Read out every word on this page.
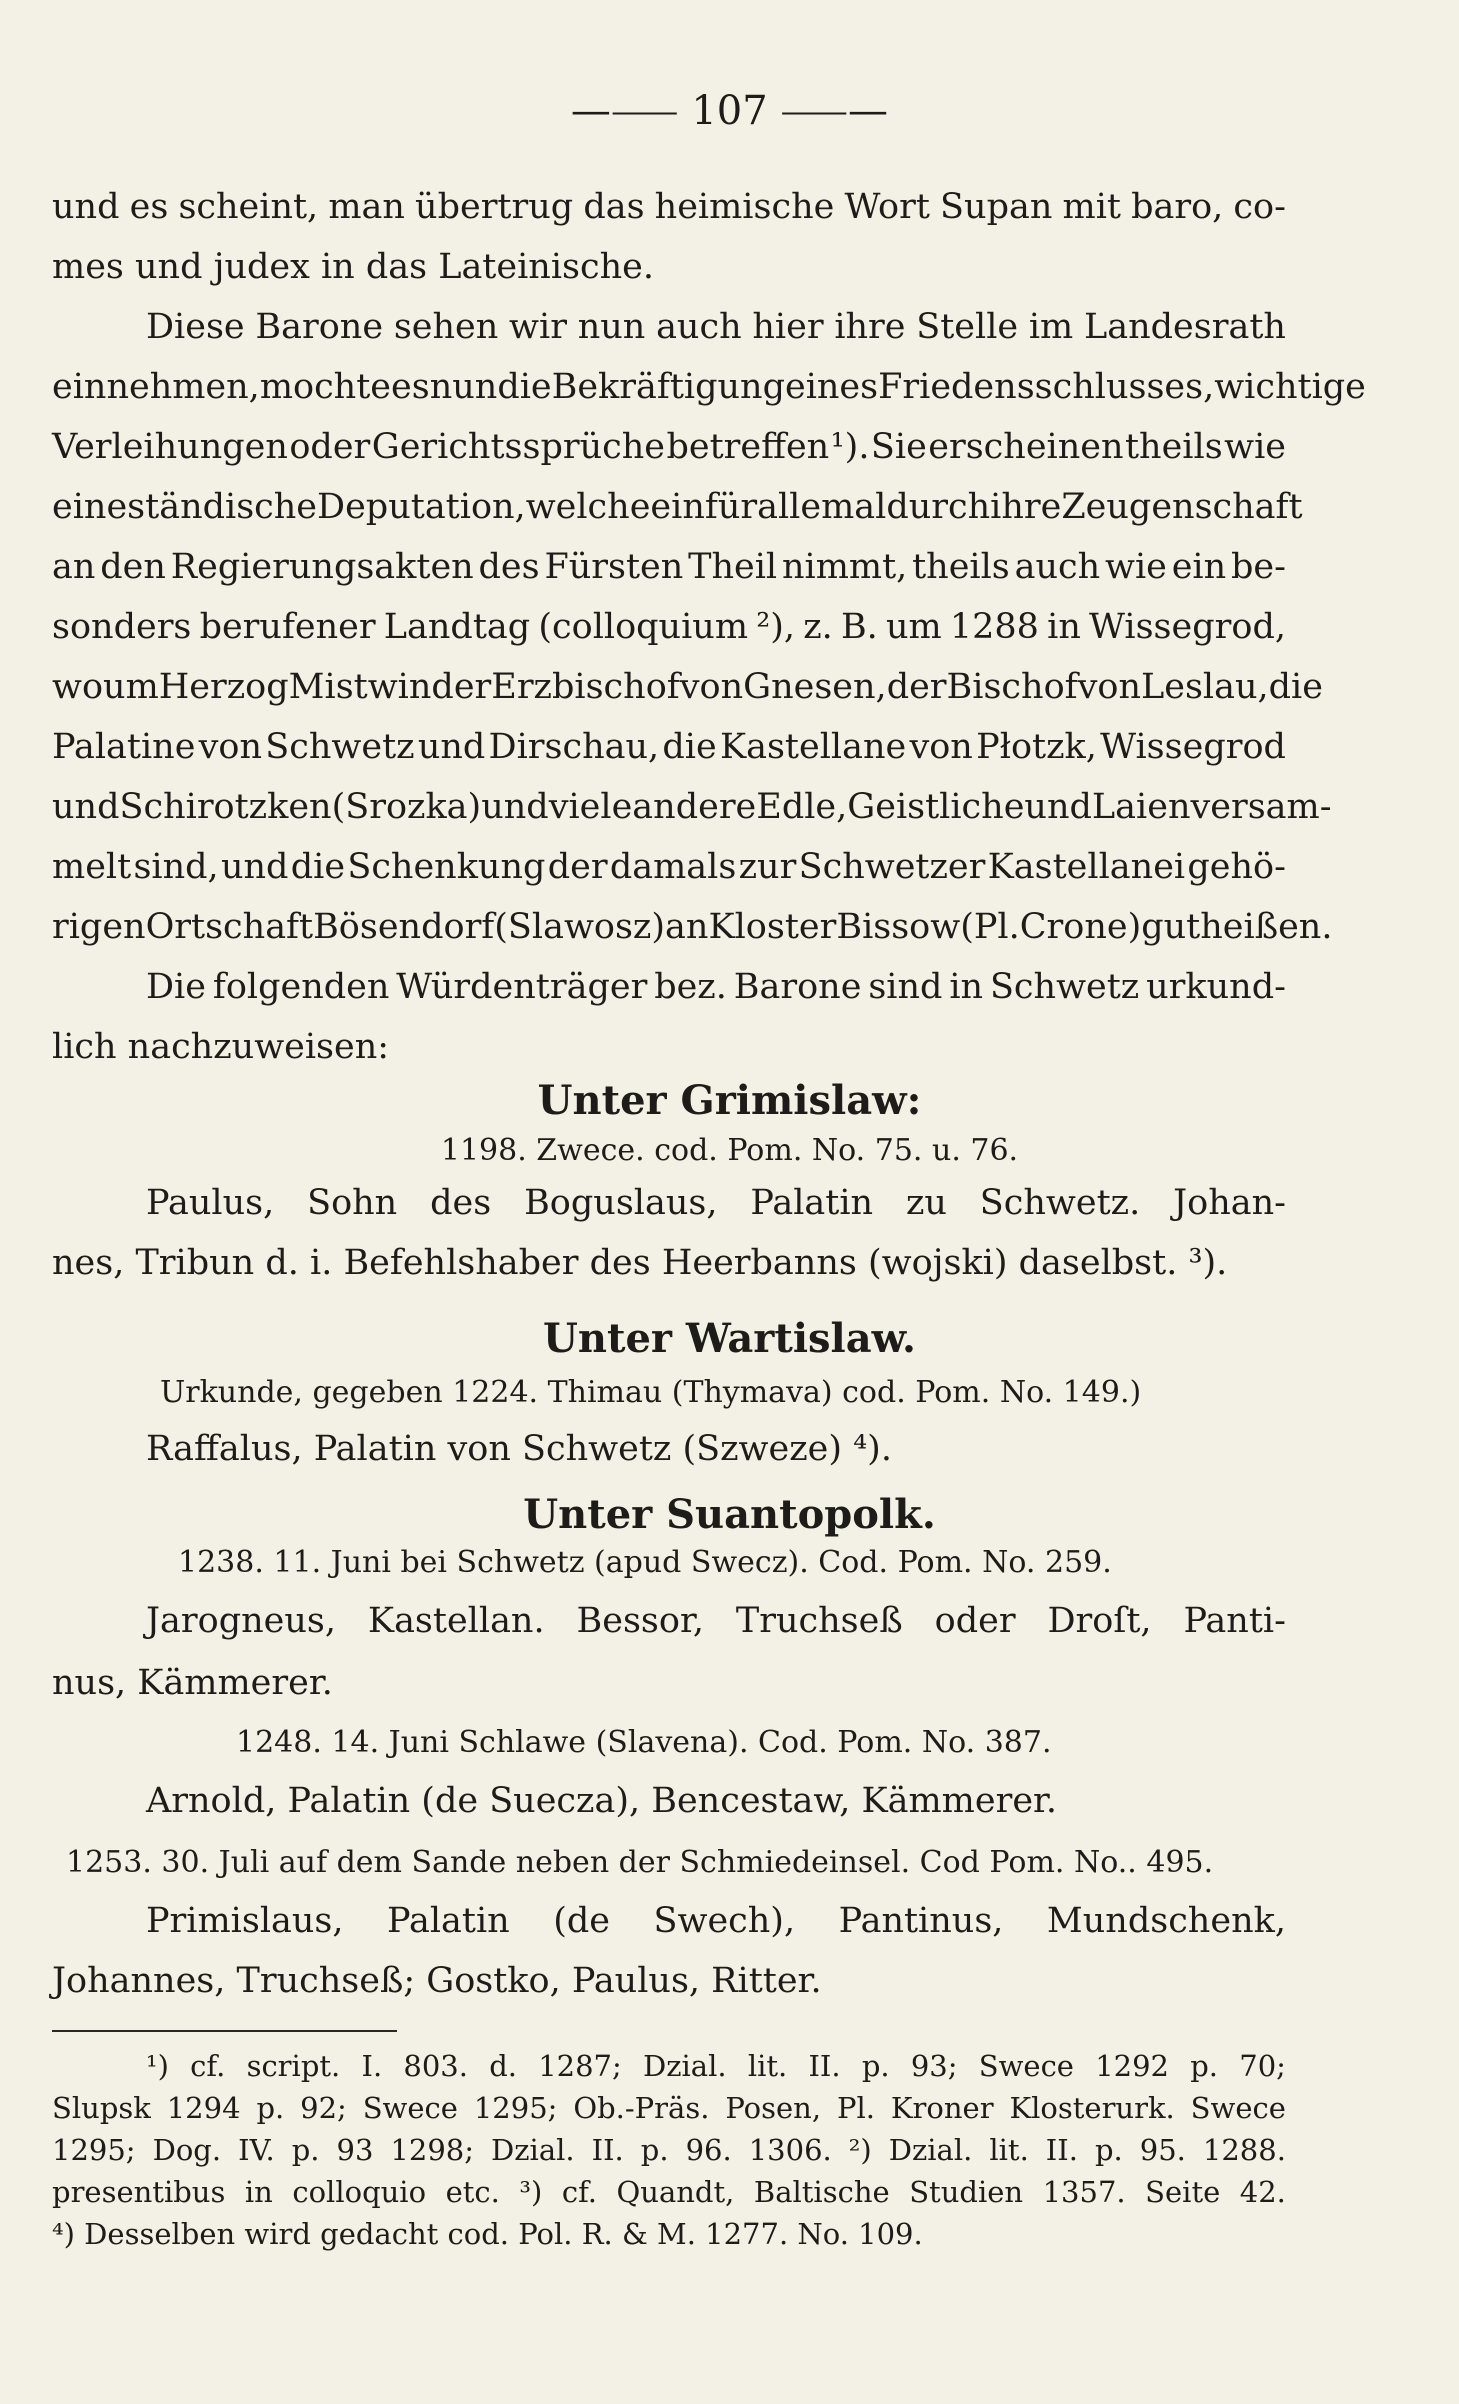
—⸺ 107 ⸺—
und es scheint, man übertrug das heimische Wort Supan mit baro, co-
mes und judex in das Lateinische.
Diese Barone sehen wir nun auch hier ihre Stelle im Landesrath
einnehmen, mochte es nun die Bekräftigung eines Friedensschlusses, wichtige
Verleihungen oder Gerichtssprüche betreffen ¹). Sie erscheinen theils wie
eine ständische Deputation, welche ein für alle mal durch ihre Zeugenschaft
an den Regierungsakten des Fürsten Theil nimmt, theils auch wie ein be-
sonders berufener Landtag (colloquium ²), z. B. um 1288 in Wissegrod,
wo um Herzog Mistwin der Erzbischof von Gnesen, der Bischof von Leslau, die
Palatine von Schwetz und Dirschau, die Kastellane von Płotzk, Wissegrod
und Schirotzken (Srozka) und viele andere Edle, Geistliche und Laien versam-
melt sind, und die Schenkung der damals zur Schwetzer Kastellanei gehö-
rigen Ortschaft Bösendorf (Slawosz) an Kloster Bissow (Pl.Crone) gut heißen.
Die folgenden Würdenträger bez. Barone sind in Schwetz urkund-
lich nachzuweisen:
Unter Grimislaw:
1198. Zwece. cod. Pom. No. 75. u. 76.
Paulus, Sohn des Boguslaus, Palatin zu Schwetz. Johan-
nes, Tribun d. i. Befehlshaber des Heerbanns (wojski) daselbst. ³).
Unter Wartislaw.
Urkunde, gegeben 1224. Thimau (Thymava) cod. Pom. No. 149.)
Raffalus, Palatin von Schwetz (Szweze) ⁴).
Unter Suantopolk.
1238. 11. Juni bei Schwetz (apud Swecz). Cod. Pom. No. 259.
Jarogneus, Kastellan. Bessor, Truchseß oder Droſt, Panti-
nus, Kämmerer.
1248. 14. Juni Schlawe (Slavena). Cod. Pom. No. 387.
Arnold, Palatin (de Suecza), Bencestaw, Kämmerer.
1253. 30. Juli auf dem Sande neben der Schmiedeinsel. Cod Pom. No.. 495.
Primislaus, Palatin (de Swech), Pantinus, Mundschenk,
Johannes, Truchseß; Gostko, Paulus, Ritter.
¹) cf. script. I. 803. d. 1287; Dzial. lit. II. p. 93; Swece 1292 p. 70;
Slupsk 1294 p. 92; Swece 1295; Ob.-Präs. Posen, Pl. Kroner Klosterurk. Swece
1295; Dog. IV. p. 93 1298; Dzial. II. p. 96. 1306. ²) Dzial. lit. II. p. 95. 1288.
presentibus in colloquio etc. ³) cf. Quandt, Baltische Studien 1357. Seite 42.
⁴) Desselben wird gedacht cod. Pol. R. & M. 1277. No. 109.
